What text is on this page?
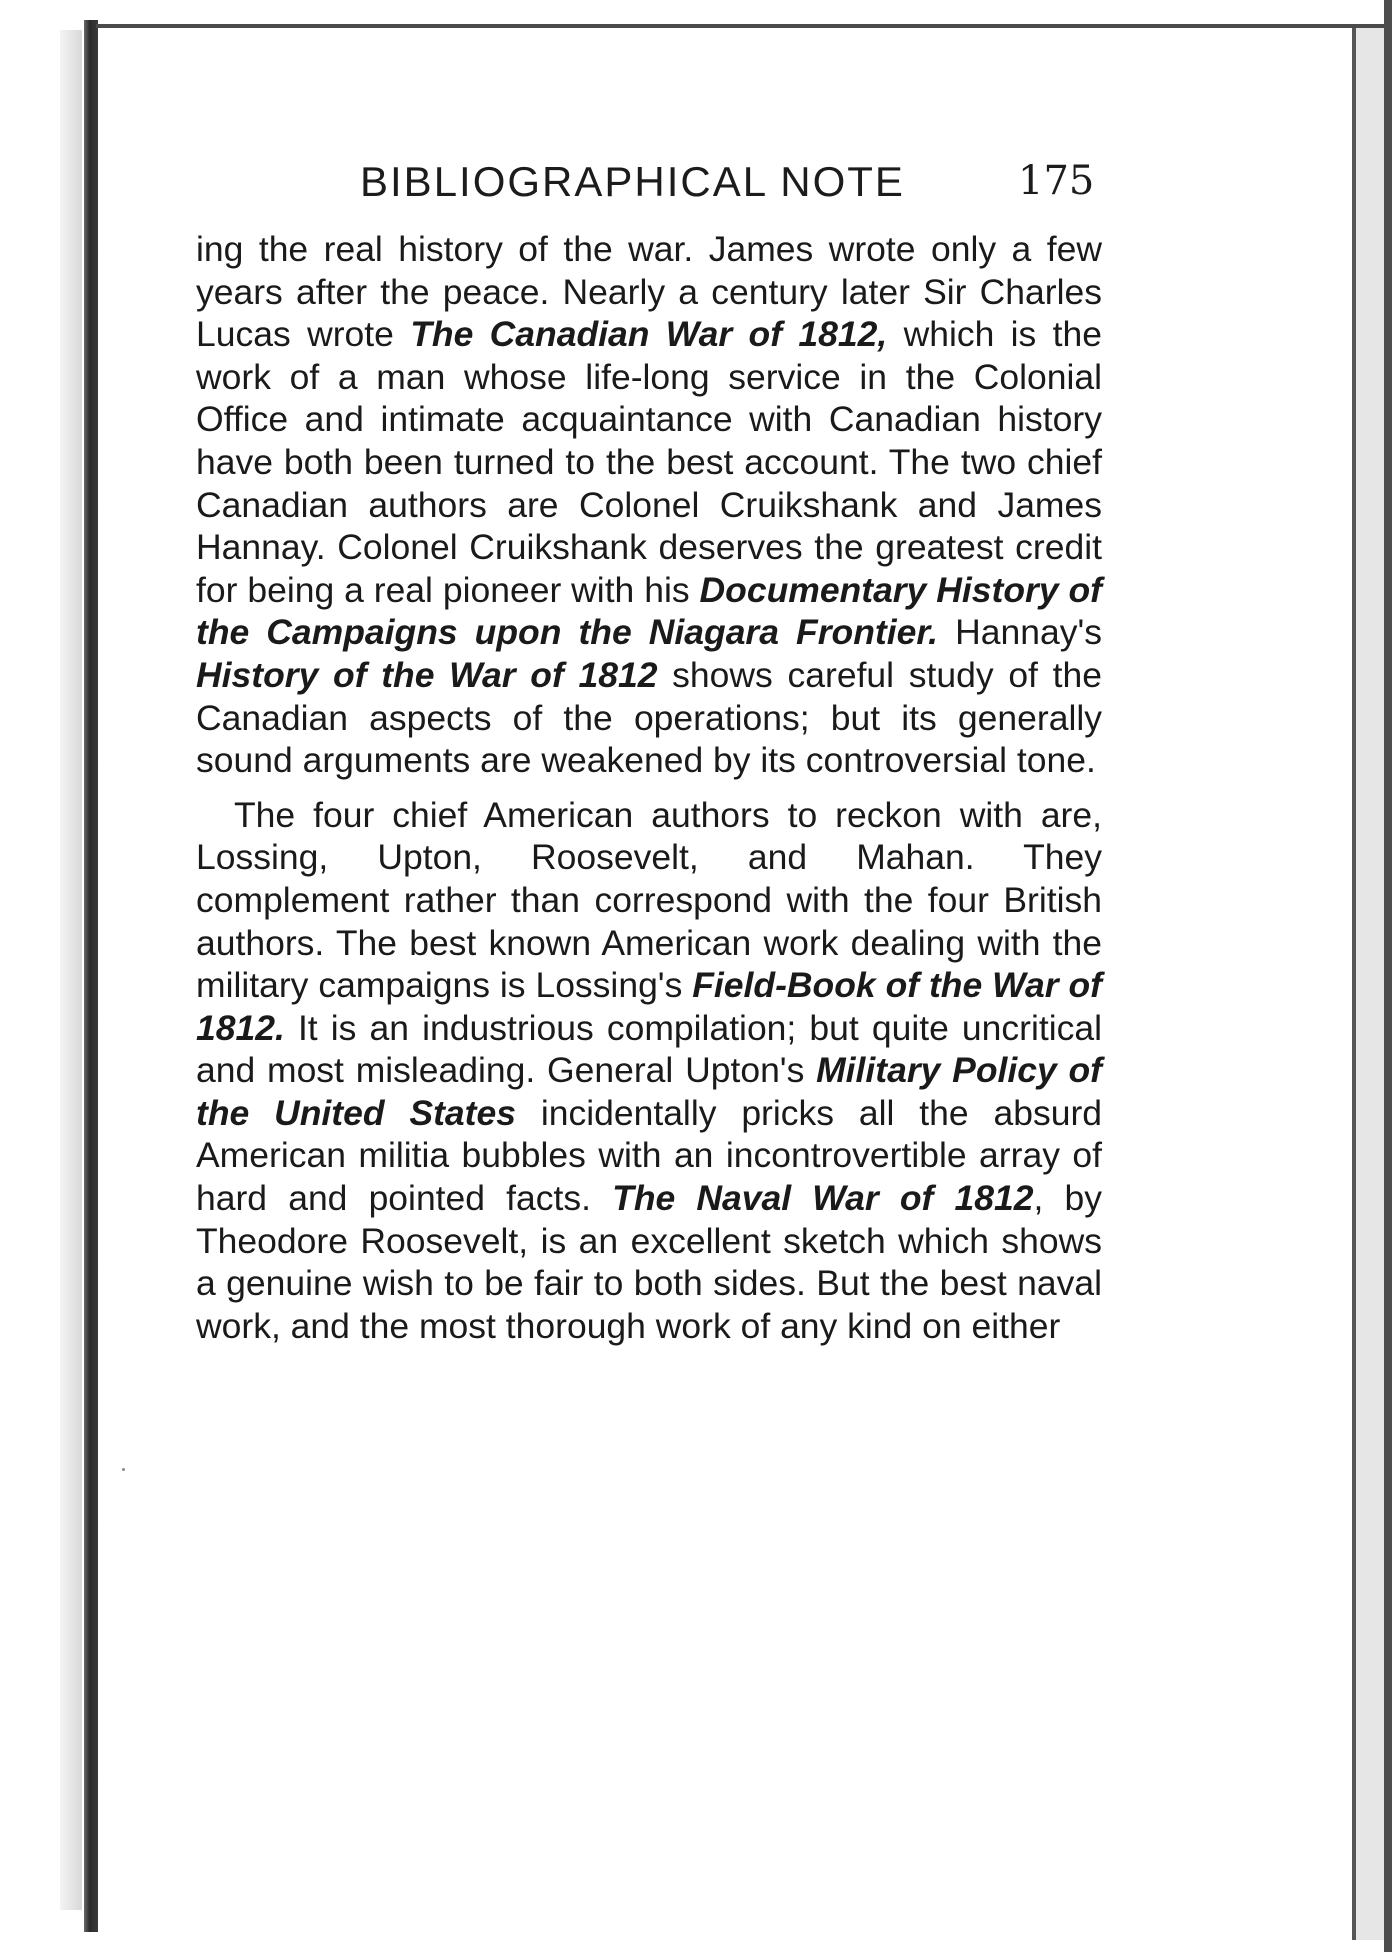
BIBLIOGRAPHICAL NOTE	175

ing the real history of the war. James wrote only a few years after the peace. Nearly a century later Sir Charles Lucas wrote The Canadian War of 1812, which is the work of a man whose life-long service in the Colonial Office and intimate acquaintance with Canadian history have both been turned to the best account. The two chief Canadian authors are Colonel Cruikshank and James Hannay. Colonel Cruikshank deserves the greatest credit for being a real pioneer with his Documentary History of the Campaigns upon the Niagara Frontier. Hannay's History of the War of 1812 shows careful study of the Canadian aspects of the operations; but its generally sound arguments are weakened by its controversial tone.

The four chief American authors to reckon with are, Lossing, Upton, Roosevelt, and Mahan. They complement rather than correspond with the four British authors. The best known American work dealing with the military campaigns is Lossing's Field-Book of the War of 1812. It is an industrious compilation; but quite uncritical and most misleading. General Upton's Military Policy of the United States incidentally pricks all the absurd American militia bubbles with an incontrovertible array of hard and pointed facts. The Naval War of 1812, by Theodore Roosevelt, is an excellent sketch which shows a genuine wish to be fair to both sides. But the best naval work, and the most thorough work of any kind on either
